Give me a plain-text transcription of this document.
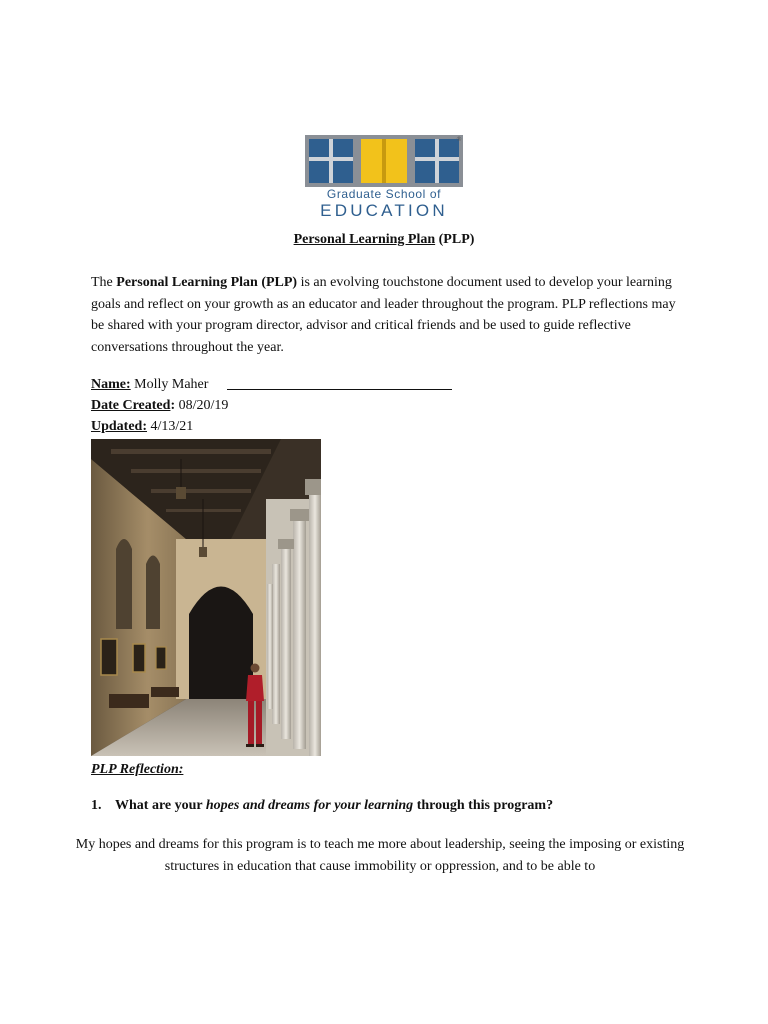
®
Graduate School of
EDUCATION
Personal Learning Plan (PLP)
The Personal Learning Plan (PLP) is an evolving touchstone document used to develop your learning goals and reflect on your growth as an educator and leader throughout the program. PLP reflections may be shared with your program director, advisor and critical friends and be used to guide reflective conversations throughout the year.
Name: Molly Maher
Date Created: 08/20/19
Updated: 4/13/21
PLP Reflection:
1. What are your hopes and dreams for your learning through this program?
My hopes and dreams for this program is to teach me more about leadership, seeing the imposing or existing structures in education that cause immobility or oppression, and to be able to
